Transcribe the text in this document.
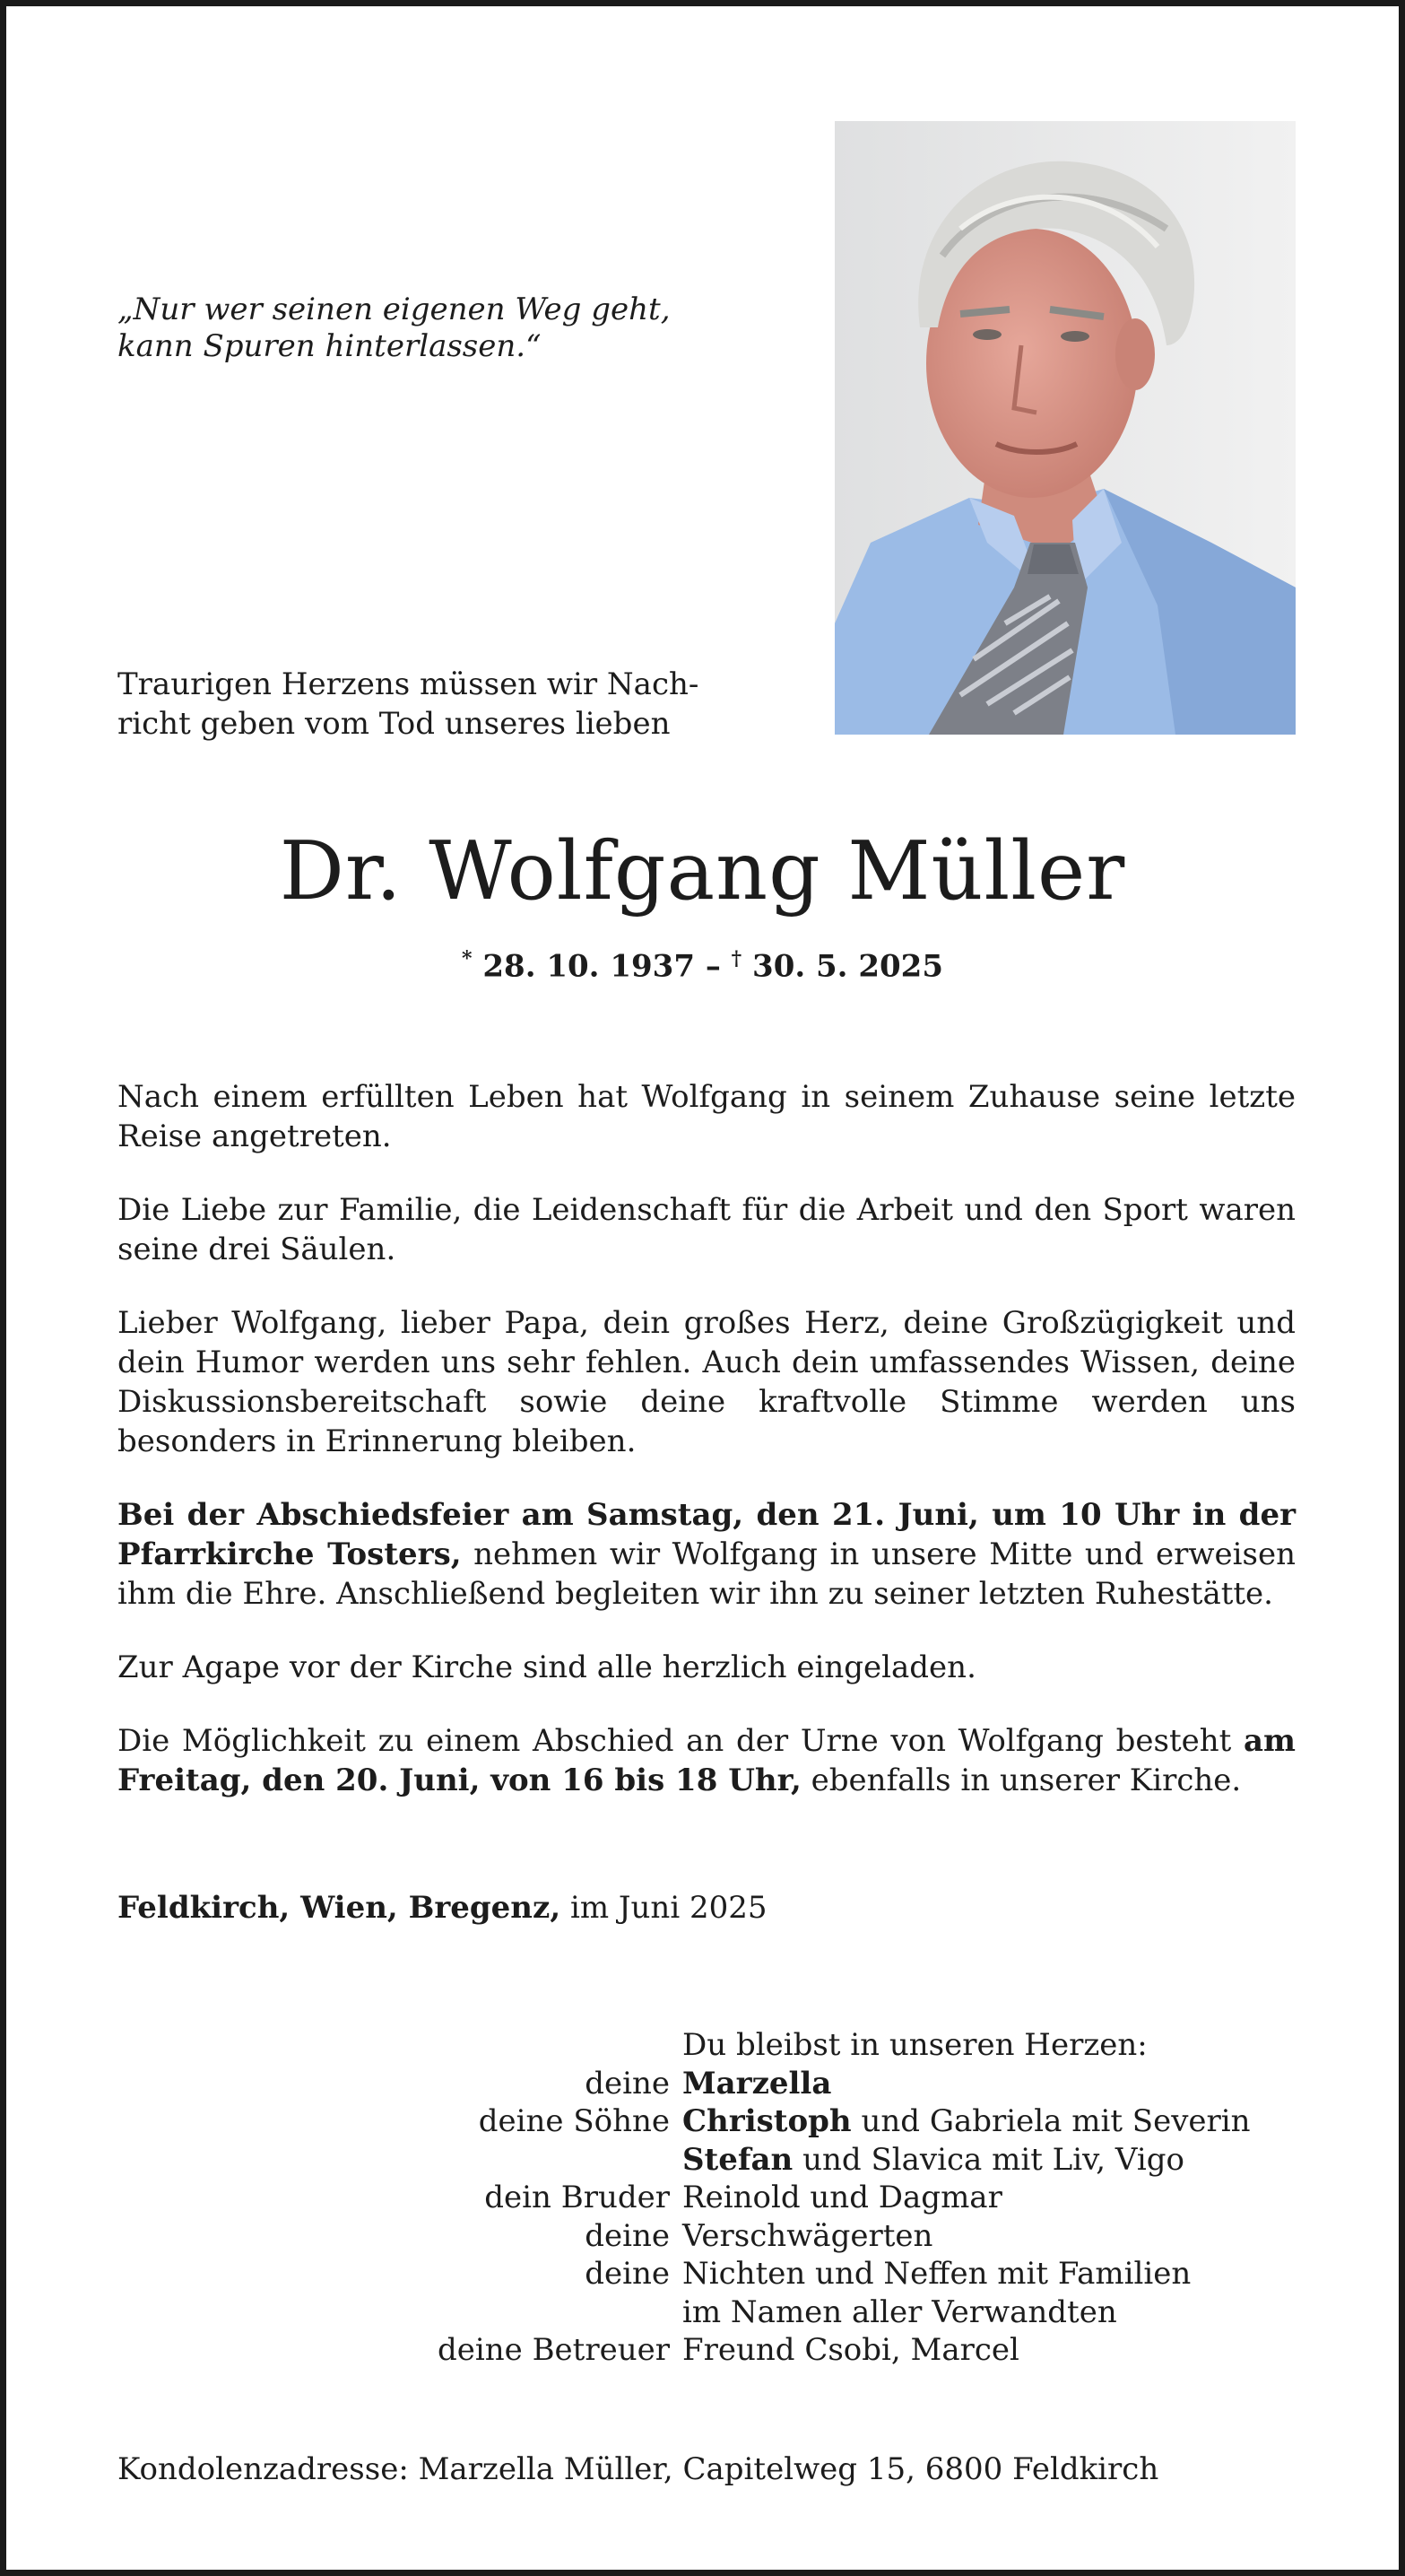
„Nur wer seinen eigenen Weg geht,
kann Spuren hinterlassen.“
Traurigen Herzens müssen wir Nach-
richt geben vom Tod unseres lieben
Dr. Wolfgang Müller
* 28. 10. 1937 – † 30. 5. 2025

Nach einem erfüllten Leben hat Wolfgang in seinem Zuhause seine letzte Reise angetreten.

Die Liebe zur Familie, die Leidenschaft für die Arbeit und den Sport waren seine drei Säulen.

Lieber Wolfgang, lieber Papa, dein großes Herz, deine Großzügigkeit und dein Humor werden uns sehr fehlen. Auch dein umfassendes Wissen, deine Diskussionsbereitschaft sowie deine kraftvolle Stimme werden uns besonders in Erinnerung bleiben.

Bei der Abschiedsfeier am Samstag, den 21. Juni, um 10 Uhr in der Pfarrkirche Tosters, nehmen wir Wolfgang in unsere Mitte und erweisen ihm die Ehre. Anschließend begleiten wir ihn zu seiner letzten Ruhestätte.

Zur Agape vor der Kirche sind alle herzlich eingeladen.

Die Möglichkeit zu einem Abschied an der Urne von Wolfgang besteht am Freitag, den 20. Juni, von 16 bis 18 Uhr, ebenfalls in unserer Kirche.

Feldkirch, Wien, Bregenz, im Juni 2025
Du bleibst in unseren Herzen:
deine Marzella
deine Söhne Christoph und Gabriela mit Severin
Stefan und Slavica mit Liv, Vigo
dein Bruder Reinold und Dagmar
deine Verschwägerten
deine Nichten und Neffen mit Familien
im Namen aller Verwandten
deine Betreuer Freund Csobi, Marcel
Kondolenzadresse: Marzella Müller, Capitelweg 15, 6800 Feldkirch
